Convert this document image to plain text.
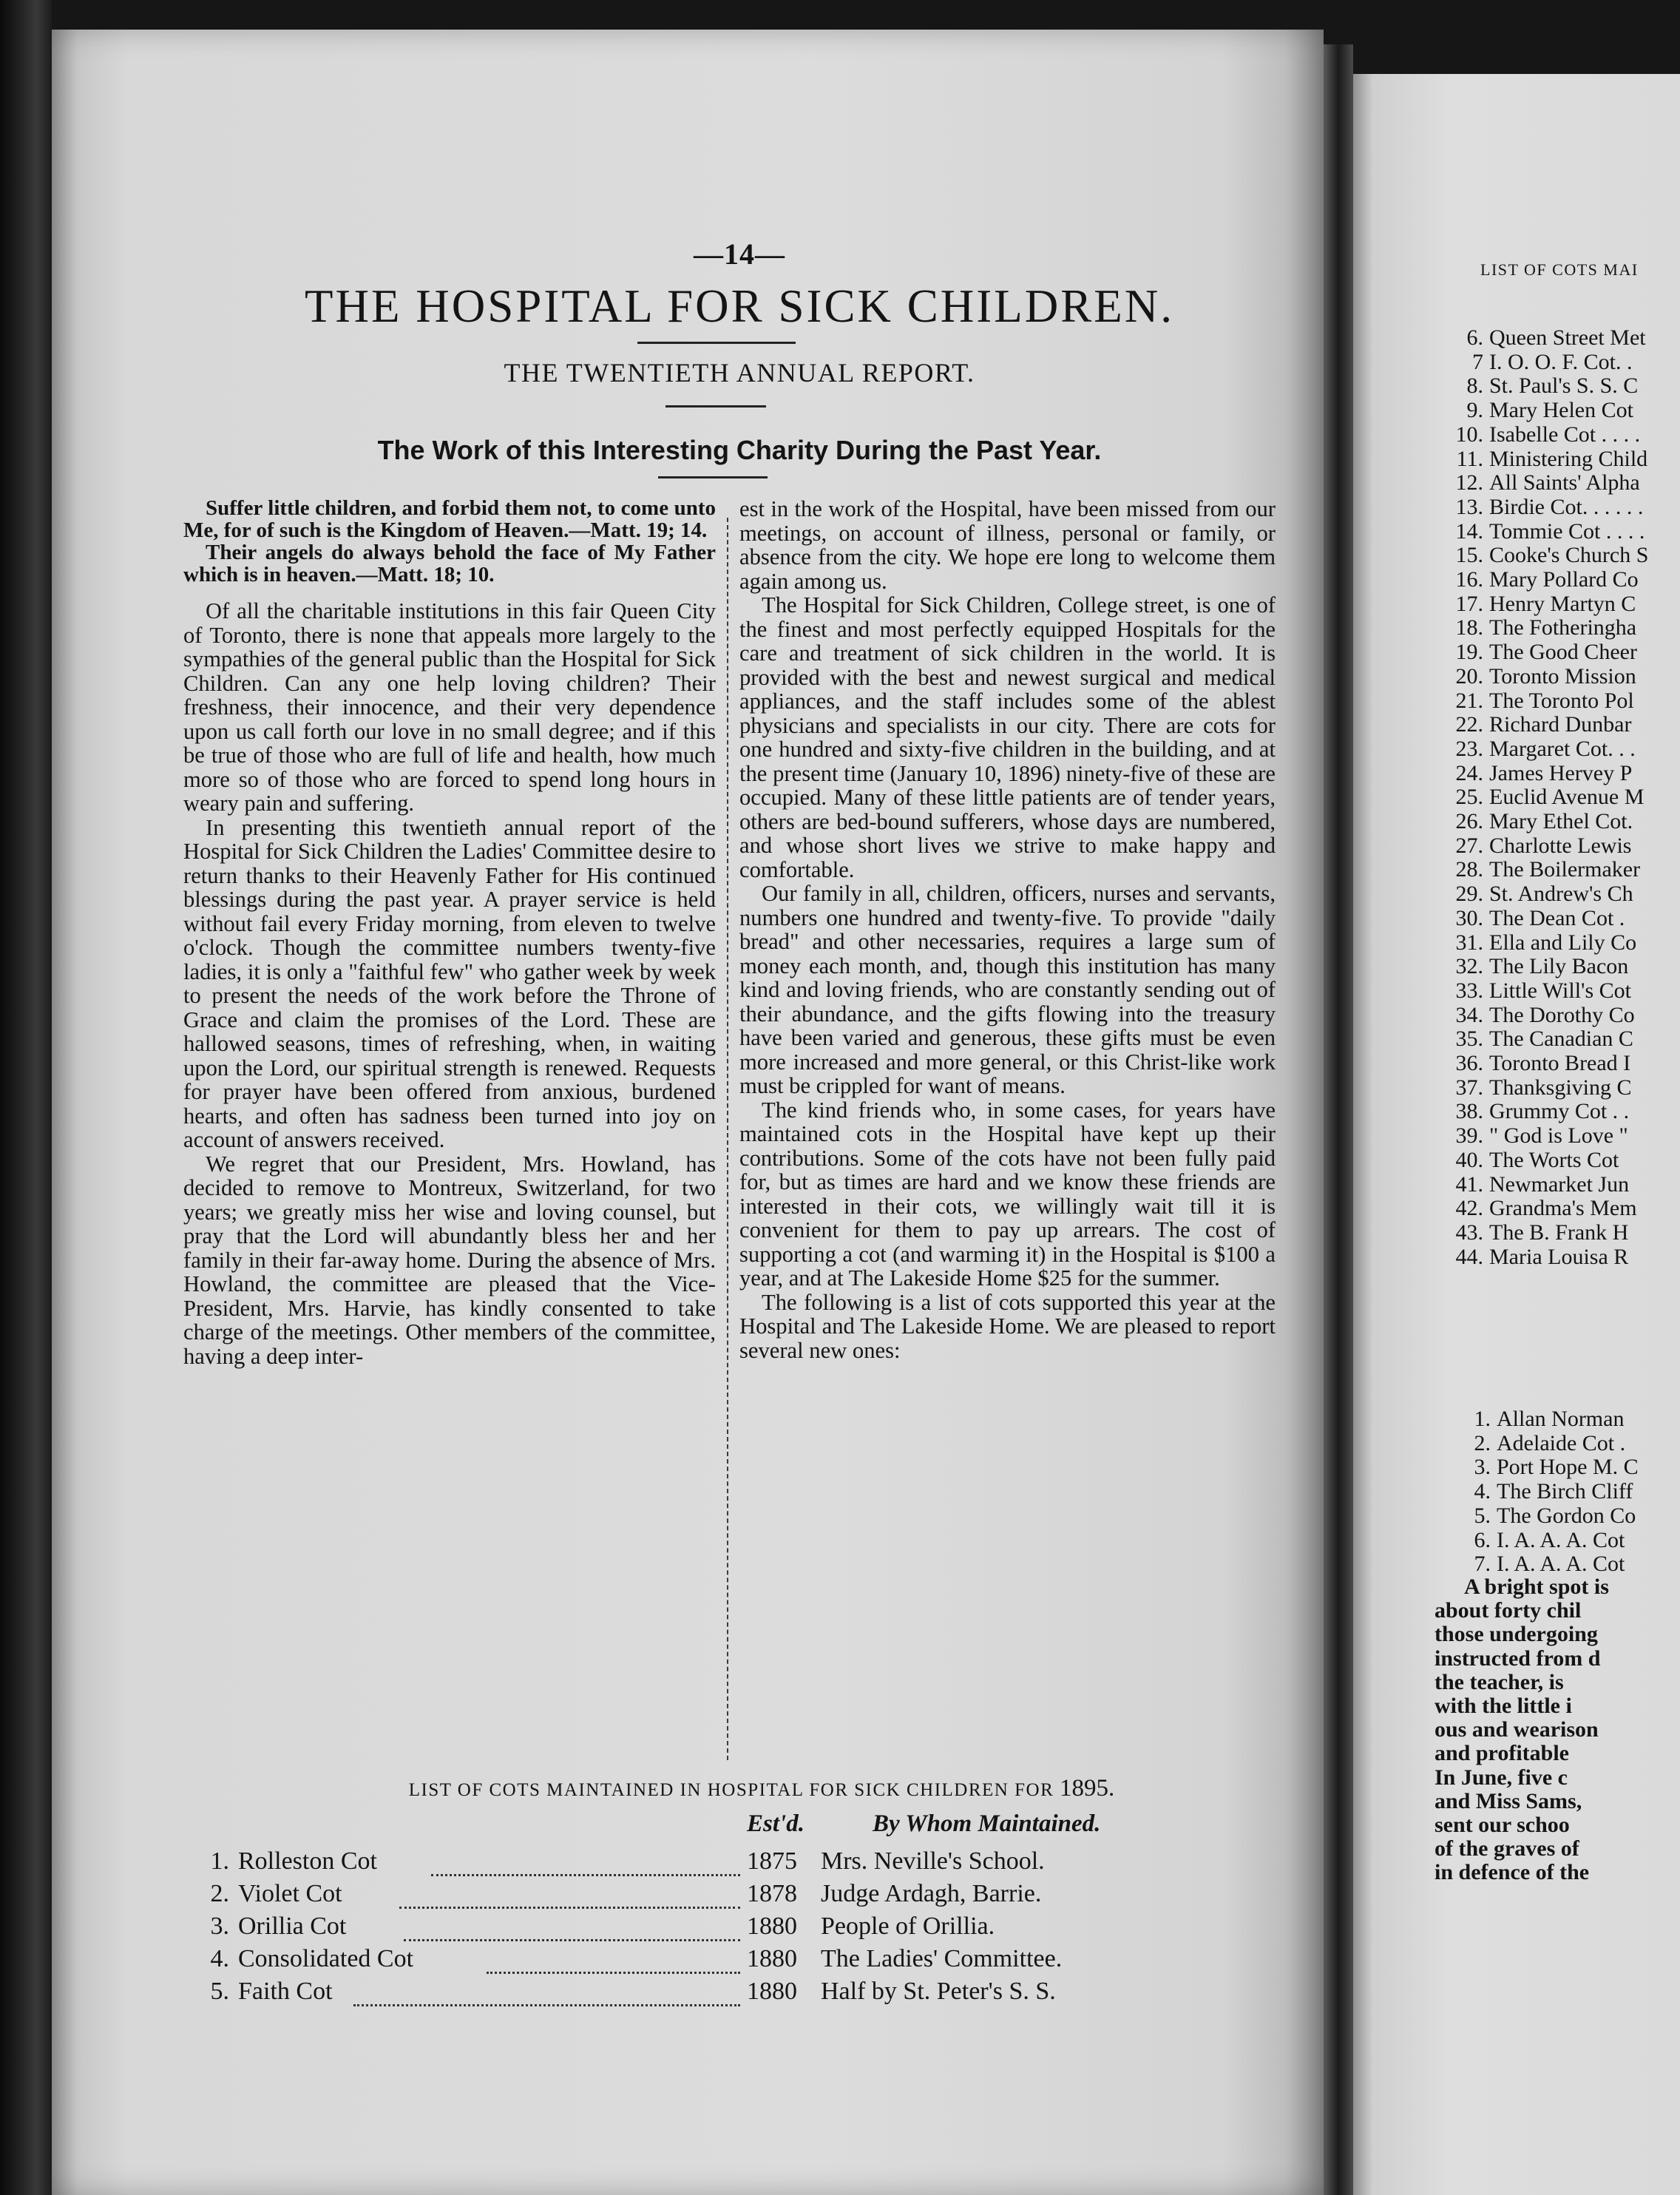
LIST OF COTS MAI
6. Queen Street Met
7 I. O. O. F. Cot. .
8. St. Paul's S. S. C
9. Mary Helen Cot
10. Isabelle Cot . . . .
11. Ministering Child
12. All Saints' Alpha
13. Birdie Cot. . . . . .
14. Tommie Cot . . . .
15. Cooke's Church S
16. Mary Pollard Co
17. Henry Martyn C
18. The Fotheringha
19. The Good Cheer
20. Toronto Mission
21. The Toronto Pol
22. Richard Dunbar
23. Margaret Cot. . .
24. James Hervey P
25. Euclid Avenue M
26. Mary Ethel Cot.
27. Charlotte Lewis
28. The Boilermaker
29. St. Andrew's Ch
30. The Dean Cot .
31. Ella and Lily Co
32. The Lily Bacon
33. Little Will's Cot
34. The Dorothy Co
35. The Canadian C
36. Toronto Bread I
37. Thanksgiving C
38. Grummy Cot . .
39. " God is Love "
40. The Worts Cot
41. Newmarket Jun
42. Grandma's Mem
43. The B. Frank H
44. Maria Louisa R
1. Allan Norman
2. Adelaide Cot .
3. Port Hope M. C
4. The Birch Cliff
5. The Gordon Co
6. I. A. A. A. Cot
7. I. A. A. A. Cot

A bright spot is

about forty chil

those undergoing

instructed from d

the teacher, is

with the little i

ous and wearison

and profitable

In June, five c

and Miss Sams,

sent our schoo

of the graves of

in defence of the

—14—
THE HOSPITAL FOR SICK CHILDREN.
THE TWENTIETH ANNUAL REPORT.
The Work of this Interesting Charity During the Past Year.

Suffer little children, and forbid them not, to come unto Me, for of such is the Kingdom of Heaven.—Matt. 19; 14.

Their angels do always behold the face of My Father which is in heaven.—Matt. 18; 10.

Of all the charitable institutions in this fair Queen City of Toronto, there is none that appeals more largely to the sympathies of the general public than the Hospital for Sick Children. Can any one help loving children? Their freshness, their innocence, and their very dependence upon us call forth our love in no small degree; and if this be true of those who are full of life and health, how much more so of those who are forced to spend long hours in weary pain and suffering.

In presenting this twentieth annual report of the Hospital for Sick Children the Ladies' Committee desire to return thanks to their Heavenly Father for His continued blessings during the past year. A prayer service is held without fail every Friday morning, from eleven to twelve o'clock. Though the committee numbers twenty-five ladies, it is only a "faithful few" who gather week by week to present the needs of the work before the Throne of Grace and claim the promises of the Lord. These are hallowed seasons, times of refreshing, when, in waiting upon the Lord, our spiritual strength is renewed. Requests for prayer have been offered from anxious, burdened hearts, and often has sadness been turned into joy on account of answers received.

We regret that our President, Mrs. Howland, has decided to remove to Montreux, Switzerland, for two years; we greatly miss her wise and loving counsel, but pray that the Lord will abundantly bless her and her family in their far-away home. During the absence of Mrs. Howland, the committee are pleased that the Vice-President, Mrs. Harvie, has kindly consented to take charge of the meetings. Other members of the committee, having a deep inter-

est in the work of the Hospital, have been missed from our meetings, on account of illness, personal or family, or absence from the city. We hope ere long to welcome them again among us.

The Hospital for Sick Children, College street, is one of the finest and most perfectly equipped Hospitals for the care and treatment of sick children in the world. It is provided with the best and newest surgical and medical appliances, and the staff includes some of the ablest physicians and specialists in our city. There are cots for one hundred and sixty-five children in the building, and at the present time (January 10, 1896) ninety-five of these are occupied. Many of these little patients are of tender years, others are bed-bound sufferers, whose days are numbered, and whose short lives we strive to make happy and comfortable.

Our family in all, children, officers, nurses and servants, numbers one hundred and twenty-five. To provide "daily bread" and other necessaries, requires a large sum of money each month, and, though this institution has many kind and loving friends, who are constantly sending out of their abundance, and the gifts flowing into the treasury have been varied and generous, these gifts must be even more increased and more general, or this Christ-like work must be crippled for want of means.

The kind friends who, in some cases, for years have maintained cots in the Hospital have kept up their contributions. Some of the cots have not been fully paid for, but as times are hard and we know these friends are interested in their cots, we willingly wait till it is convenient for them to pay up arrears. The cost of supporting a cot (and warming it) in the Hospital is $100 a year, and at The Lakeside Home $25 for the summer.

The following is a list of cots supported this year at the Hospital and The Lakeside Home. We are pleased to report several new ones:

LIST OF COTS MAINTAINED IN HOSPITAL FOR SICK CHILDREN FOR 1895.
Est'd.	By Whom Maintained.
1. Rolleston Cot	1875 Mrs. Neville's School.
2. Violet Cot	1878 Judge Ardagh, Barrie.
3. Orillia Cot	1880 People of Orillia.
4. Consolidated Cot	1880 The Ladies' Committee.
5. Faith Cot	1880 Half by St. Peter's S. S.
